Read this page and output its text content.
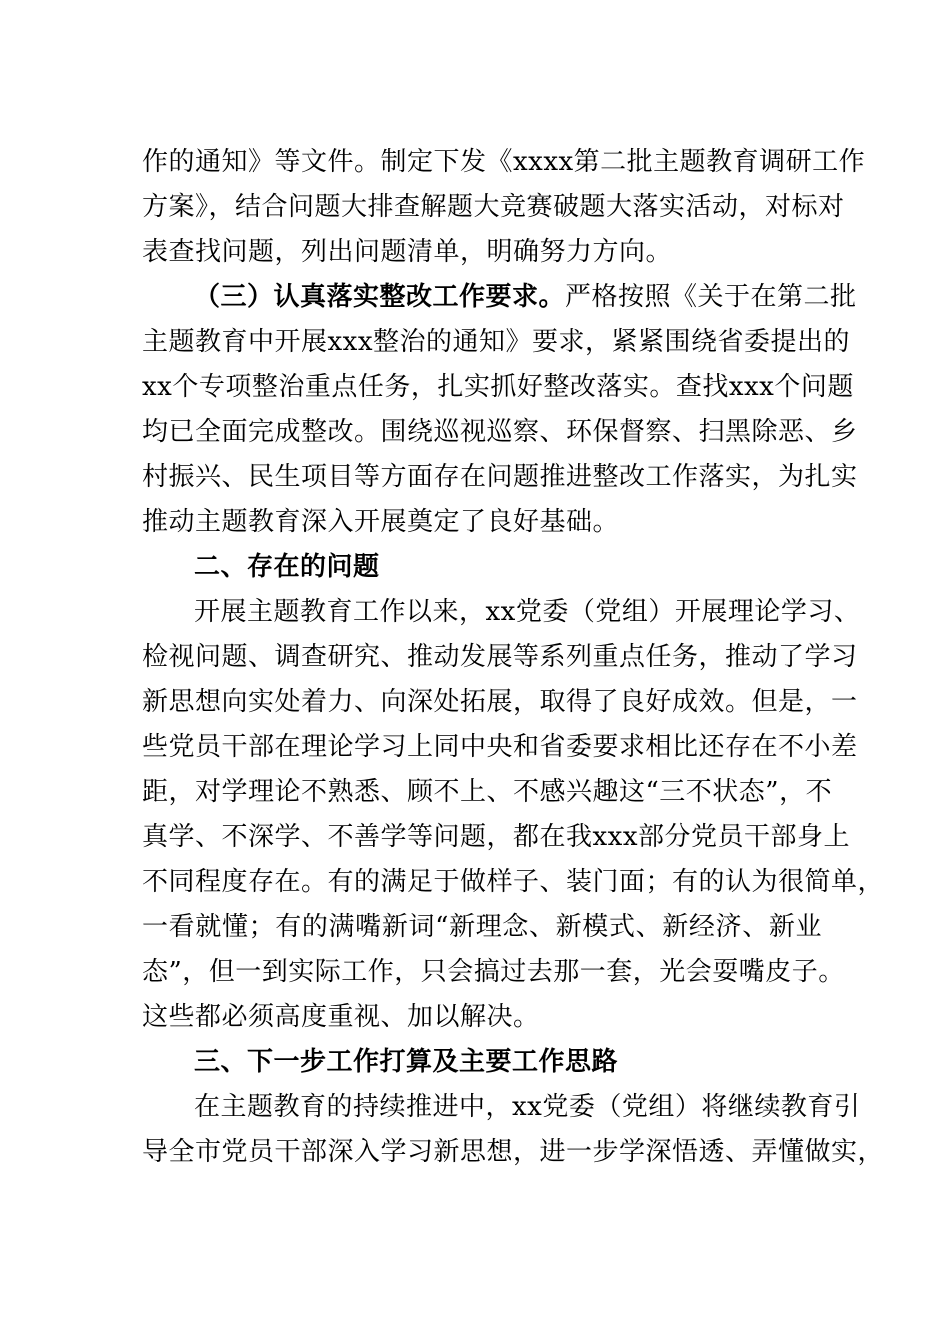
作的通知》等文件。制定下发《xxxx第二批主题教育调研工作
方案》，结合问题大排查解题大竞赛破题大落实活动，对标对
表查找问题，列出问题清单，明确努力方向。
（三）认真落实整改工作要求。严格按照《关于在第二批
主题教育中开展xxx整治的通知》要求，紧紧围绕省委提出的
xx个专项整治重点任务，扎实抓好整改落实。查找xxx个问题
均已全面完成整改。围绕巡视巡察、环保督察、扫黑除恶、乡
村振兴、民生项目等方面存在问题推进整改工作落实，为扎实
推动主题教育深入开展奠定了良好基础。
二、存在的问题
开展主题教育工作以来，xx党委（党组）开展理论学习、
检视问题、调查研究、推动发展等系列重点任务，推动了学习
新思想向实处着力、向深处拓展，取得了良好成效。但是，一
些党员干部在理论学习上同中央和省委要求相比还存在不小差
距，对学理论不熟悉、顾不上、不感兴趣这“三不状态”，不
真学、不深学、不善学等问题，都在我xxx部分党员干部身上
不同程度存在。有的满足于做样子、装门面；有的认为很简单，
一看就懂；有的满嘴新词“新理念、新模式、新经济、新业
态”，但一到实际工作，只会搞过去那一套，光会耍嘴皮子。
这些都必须高度重视、加以解决。
三、下一步工作打算及主要工作思路
在主题教育的持续推进中，xx党委（党组）将继续教育引
导全市党员干部深入学习新思想，进一步学深悟透、弄懂做实，
